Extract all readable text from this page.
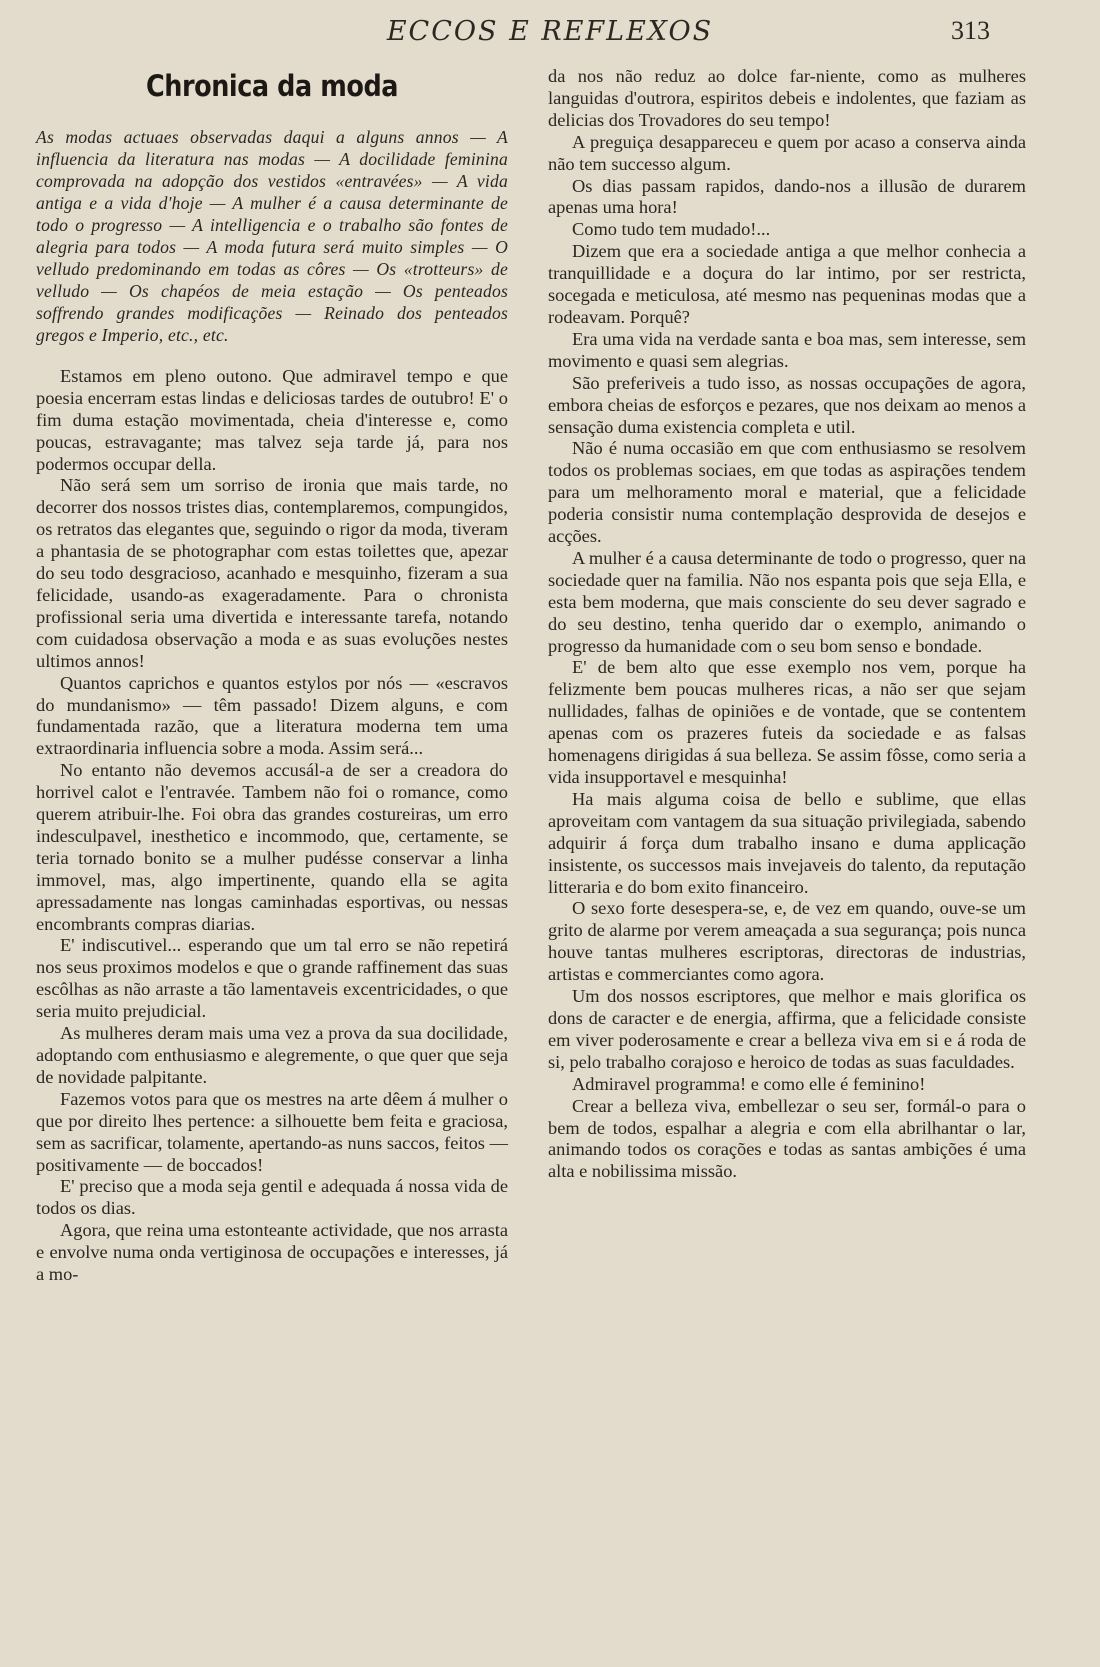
ECCOS E REFLEXOS	313
Chronica da moda
As modas actuaes observadas daqui a alguns annos — A influencia da literatura nas modas — A docilidade feminina comprovada na adopção dos vestidos «entravées» — A vida antiga e a vida d'hoje — A mulher é a causa determinante de todo o progresso — A intelligencia e o trabalho são fontes de alegria para todos — A moda futura será muito simples — O velludo predominando em todas as côres — Os «trotteurs» de velludo — Os chapéos de meia estação — Os penteados soffrendo grandes modificações — Reinado dos penteados gregos e Imperio, etc., etc.

Estamos em pleno outono. Que admiravel tempo e que poesia encerram estas lindas e deliciosas tardes de outubro! E' o fim duma estação movimentada, cheia d'interesse e, como poucas, estravagante; mas talvez seja tarde já, para nos podermos occupar della.

Não será sem um sorriso de ironia que mais tarde, no decorrer dos nossos tristes dias, contemplaremos, compungidos, os retratos das elegantes que, seguindo o rigor da moda, tiveram a phantasia de se photographar com estas toilettes que, apezar do seu todo desgracioso, acanhado e mesquinho, fizeram a sua felicidade, usando-as exageradamente. Para o chronista profissional seria uma divertida e interessante tarefa, notando com cuidadosa observação a moda e as suas evoluções nestes ultimos annos!

Quantos caprichos e quantos estylos por nós — «escravos do mundanismo» — têm passado! Dizem alguns, e com fundamentada razão, que a literatura moderna tem uma extraordinaria influencia sobre a moda. Assim será...

No entanto não devemos accusál-a de ser a creadora do horrivel calot e l'entravée. Tambem não foi o romance, como querem atribuir-lhe. Foi obra das grandes costureiras, um erro indesculpavel, inesthetico e incommodo, que, certamente, se teria tornado bonito se a mulher pudésse conservar a linha immovel, mas, algo impertinente, quando ella se agita apressadamente nas longas caminhadas esportivas, ou nessas encombrants compras diarias.

E' indiscutivel... esperando que um tal erro se não repetirá nos seus proximos modelos e que o grande raffinement das suas escôlhas as não arraste a tão lamentaveis excentricidades, o que seria muito prejudicial.

As mulheres deram mais uma vez a prova da sua docilidade, adoptando com enthusiasmo e alegremente, o que quer que seja de novidade palpitante.

Fazemos votos para que os mestres na arte dêem á mulher o que por direito lhes pertence: a silhouette bem feita e graciosa, sem as sacrificar, tolamente, apertando-as nuns saccos, feitos — positivamente — de boccados!

E' preciso que a moda seja gentil e adequada á nossa vida de todos os dias.

Agora, que reina uma estonteante actividade, que nos arrasta e envolve numa onda vertiginosa de occupações e interesses, já a mo-

da nos não reduz ao dolce far-niente, como as mulheres languidas d'outrora, espiritos debeis e indolentes, que faziam as delicias dos Trovadores do seu tempo!

A preguiça desappareceu e quem por acaso a conserva ainda não tem successo algum.

Os dias passam rapidos, dando-nos a illusão de durarem apenas uma hora!

Como tudo tem mudado!...

Dizem que era a sociedade antiga a que melhor conhecia a tranquillidade e a doçura do lar intimo, por ser restricta, socegada e meticulosa, até mesmo nas pequeninas modas que a rodeavam. Porquê?

Era uma vida na verdade santa e boa mas, sem interesse, sem movimento e quasi sem alegrias.

São preferiveis a tudo isso, as nossas occupações de agora, embora cheias de esforços e pezares, que nos deixam ao menos a sensação duma existencia completa e util.

Não é numa occasião em que com enthusiasmo se resolvem todos os problemas sociaes, em que todas as aspirações tendem para um melhoramento moral e material, que a felicidade poderia consistir numa contemplação desprovida de desejos e acções.

A mulher é a causa determinante de todo o progresso, quer na sociedade quer na familia. Não nos espanta pois que seja Ella, e esta bem moderna, que mais consciente do seu dever sagrado e do seu destino, tenha querido dar o exemplo, animando o progresso da humanidade com o seu bom senso e bondade.

E' de bem alto que esse exemplo nos vem, porque ha felizmente bem poucas mulheres ricas, a não ser que sejam nullidades, falhas de opiniões e de vontade, que se contentem apenas com os prazeres futeis da sociedade e as falsas homenagens dirigidas á sua belleza. Se assim fôsse, como seria a vida insupportavel e mesquinha!

Ha mais alguma coisa de bello e sublime, que ellas aproveitam com vantagem da sua situação privilegiada, sabendo adquirir á força dum trabalho insano e duma applicação insistente, os successos mais invejaveis do talento, da reputação litteraria e do bom exito financeiro.

O sexo forte desespera-se, e, de vez em quando, ouve-se um grito de alarme por verem ameaçada a sua segurança; pois nunca houve tantas mulheres escriptoras, directoras de industrias, artistas e commerciantes como agora.

Um dos nossos escriptores, que melhor e mais glorifica os dons de caracter e de energia, affirma, que a felicidade consiste em viver poderosamente e crear a belleza viva em si e á roda de si, pelo trabalho corajoso e heroico de todas as suas faculdades.

Admiravel programma! e como elle é feminino!

Crear a belleza viva, embellezar o seu ser, formál-o para o bem de todos, espalhar a alegria e com ella abrilhantar o lar, animando todos os corações e todas as santas ambições é uma alta e nobilissima missão.
